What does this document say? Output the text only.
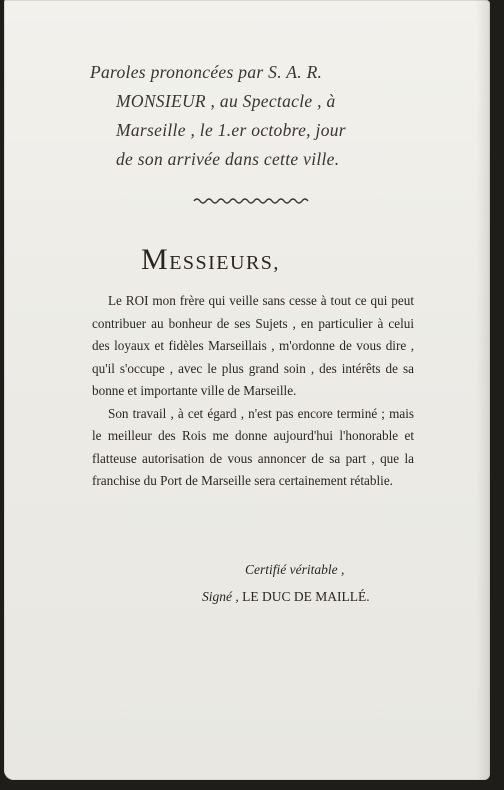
Paroles prononcées par S. A. R.
MONSIEUR , au Spectacle , à
Marseille , le 1.er octobre, jour
de son arrivée dans cette ville.
MESSIEURS,

Le ROI mon frère qui veille sans cesse à tout ce qui peut contribuer au bonheur de ses Sujets , en particulier à celui des loyaux et fidèles Marseillais , m'ordonne de vous dire , qu'il s'occupe , avec le plus grand soin , des intérêts de sa bonne et importante ville de Marseille.

Son travail , à cet égard , n'est pas encore terminé ; mais le meilleur des Rois me donne aujourd'hui l'honorable et flatteuse autorisation de vous annoncer de sa part , que la franchise du Port de Marseille sera certainement rétablie.

Certifié véritable ,
Signé , LE DUC DE MAILLÉ.
